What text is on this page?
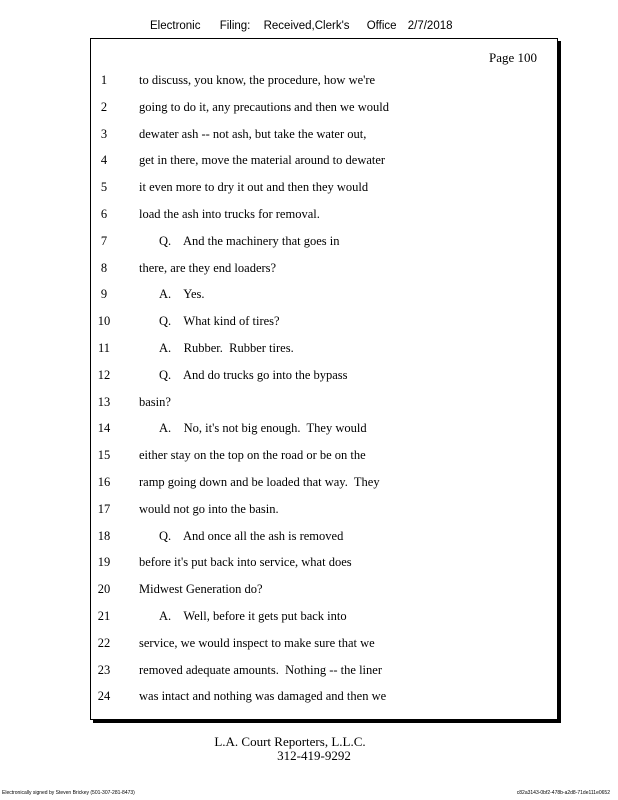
Electronic Filing: Received,Clerk's Office 2/7/2018
Page 100
1	to discuss, you know, the procedure, how we're
2	going to do it, any precautions and then we would
3	dewater ash -- not ash, but take the water out,
4	get in there, move the material around to dewater
5	it even more to dry it out and then they would
6	load the ash into trucks for removal.
7	Q.    And the machinery that goes in
8	there, are they end loaders?
9	A.    Yes.
10	Q.    What kind of tires?
11	A.    Rubber.  Rubber tires.
12	Q.    And do trucks go into the bypass
13	basin?
14	A.    No, it's not big enough.  They would
15	either stay on the top on the road or be on the
16	ramp going down and be loaded that way.  They
17	would not go into the basin.
18	Q.    And once all the ash is removed
19	before it's put back into service, what does
20	Midwest Generation do?
21	A.    Well, before it gets put back into
22	service, we would inspect to make sure that we
23	removed adequate amounts.  Nothing -- the liner
24	was intact and nothing was damaged and then we
L.A. Court Reporters, L.L.C.
312-419-9292
Electronically signed by Steven Brickey (501-307-281-8473)	c82a3143-0bf2-478b-a2d8-71de111e0652
